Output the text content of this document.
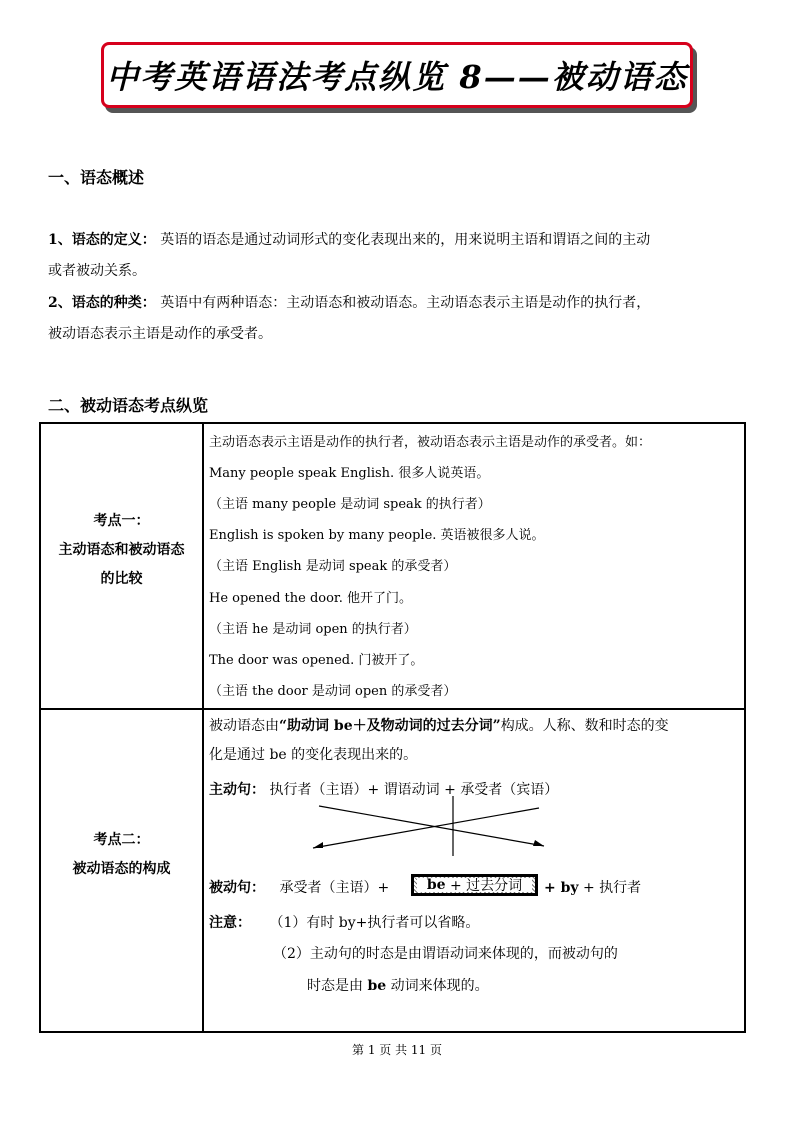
中考英语语法考点纵览 8——被动语态
一、语态概述
1、语态的定义： 英语的语态是通过动词形式的变化表现出来的，用来说明主语和谓语之间的主动
或者被动关系。
2、语态的种类： 英语中有两种语态：主动语态和被动语态。主动语态表示主语是动作的执行者，
被动语态表示主语是动作的承受者。
二、被动语态考点纵览
考点一：
主动语态和被动语态
的比较
主动语态表示主语是动作的执行者，被动语态表示主语是动作的承受者。如：
Many people speak English. 很多人说英语。
（主语 many people 是动词 speak 的执行者）
English is spoken by many people. 英语被很多人说。
（主语 English 是动词 speak 的承受者）
He opened the door. 他开了门。
（主语 he 是动词 open 的执行者）
The door was opened. 门被开了。
（主语 the door 是动词 open 的承受者）
考点二：
被动语态的构成
被动语态由“助动词 be＋及物动词的过去分词”构成。人称、数和时态的变
化是通过 be 的变化表现出来的。
主动句： 执行者（主语）+ 谓语动词 + 承受者（宾语）
被动句： 承受者（主语）+	be
+ 过去分词 + by + 执行者
注意： （1）有时 by+执行者可以省略。
（2）主动句的时态是由谓语动词来体现的，而被动句的
时态是由 be 动词来体现的。
第 1 页 共 11 页
